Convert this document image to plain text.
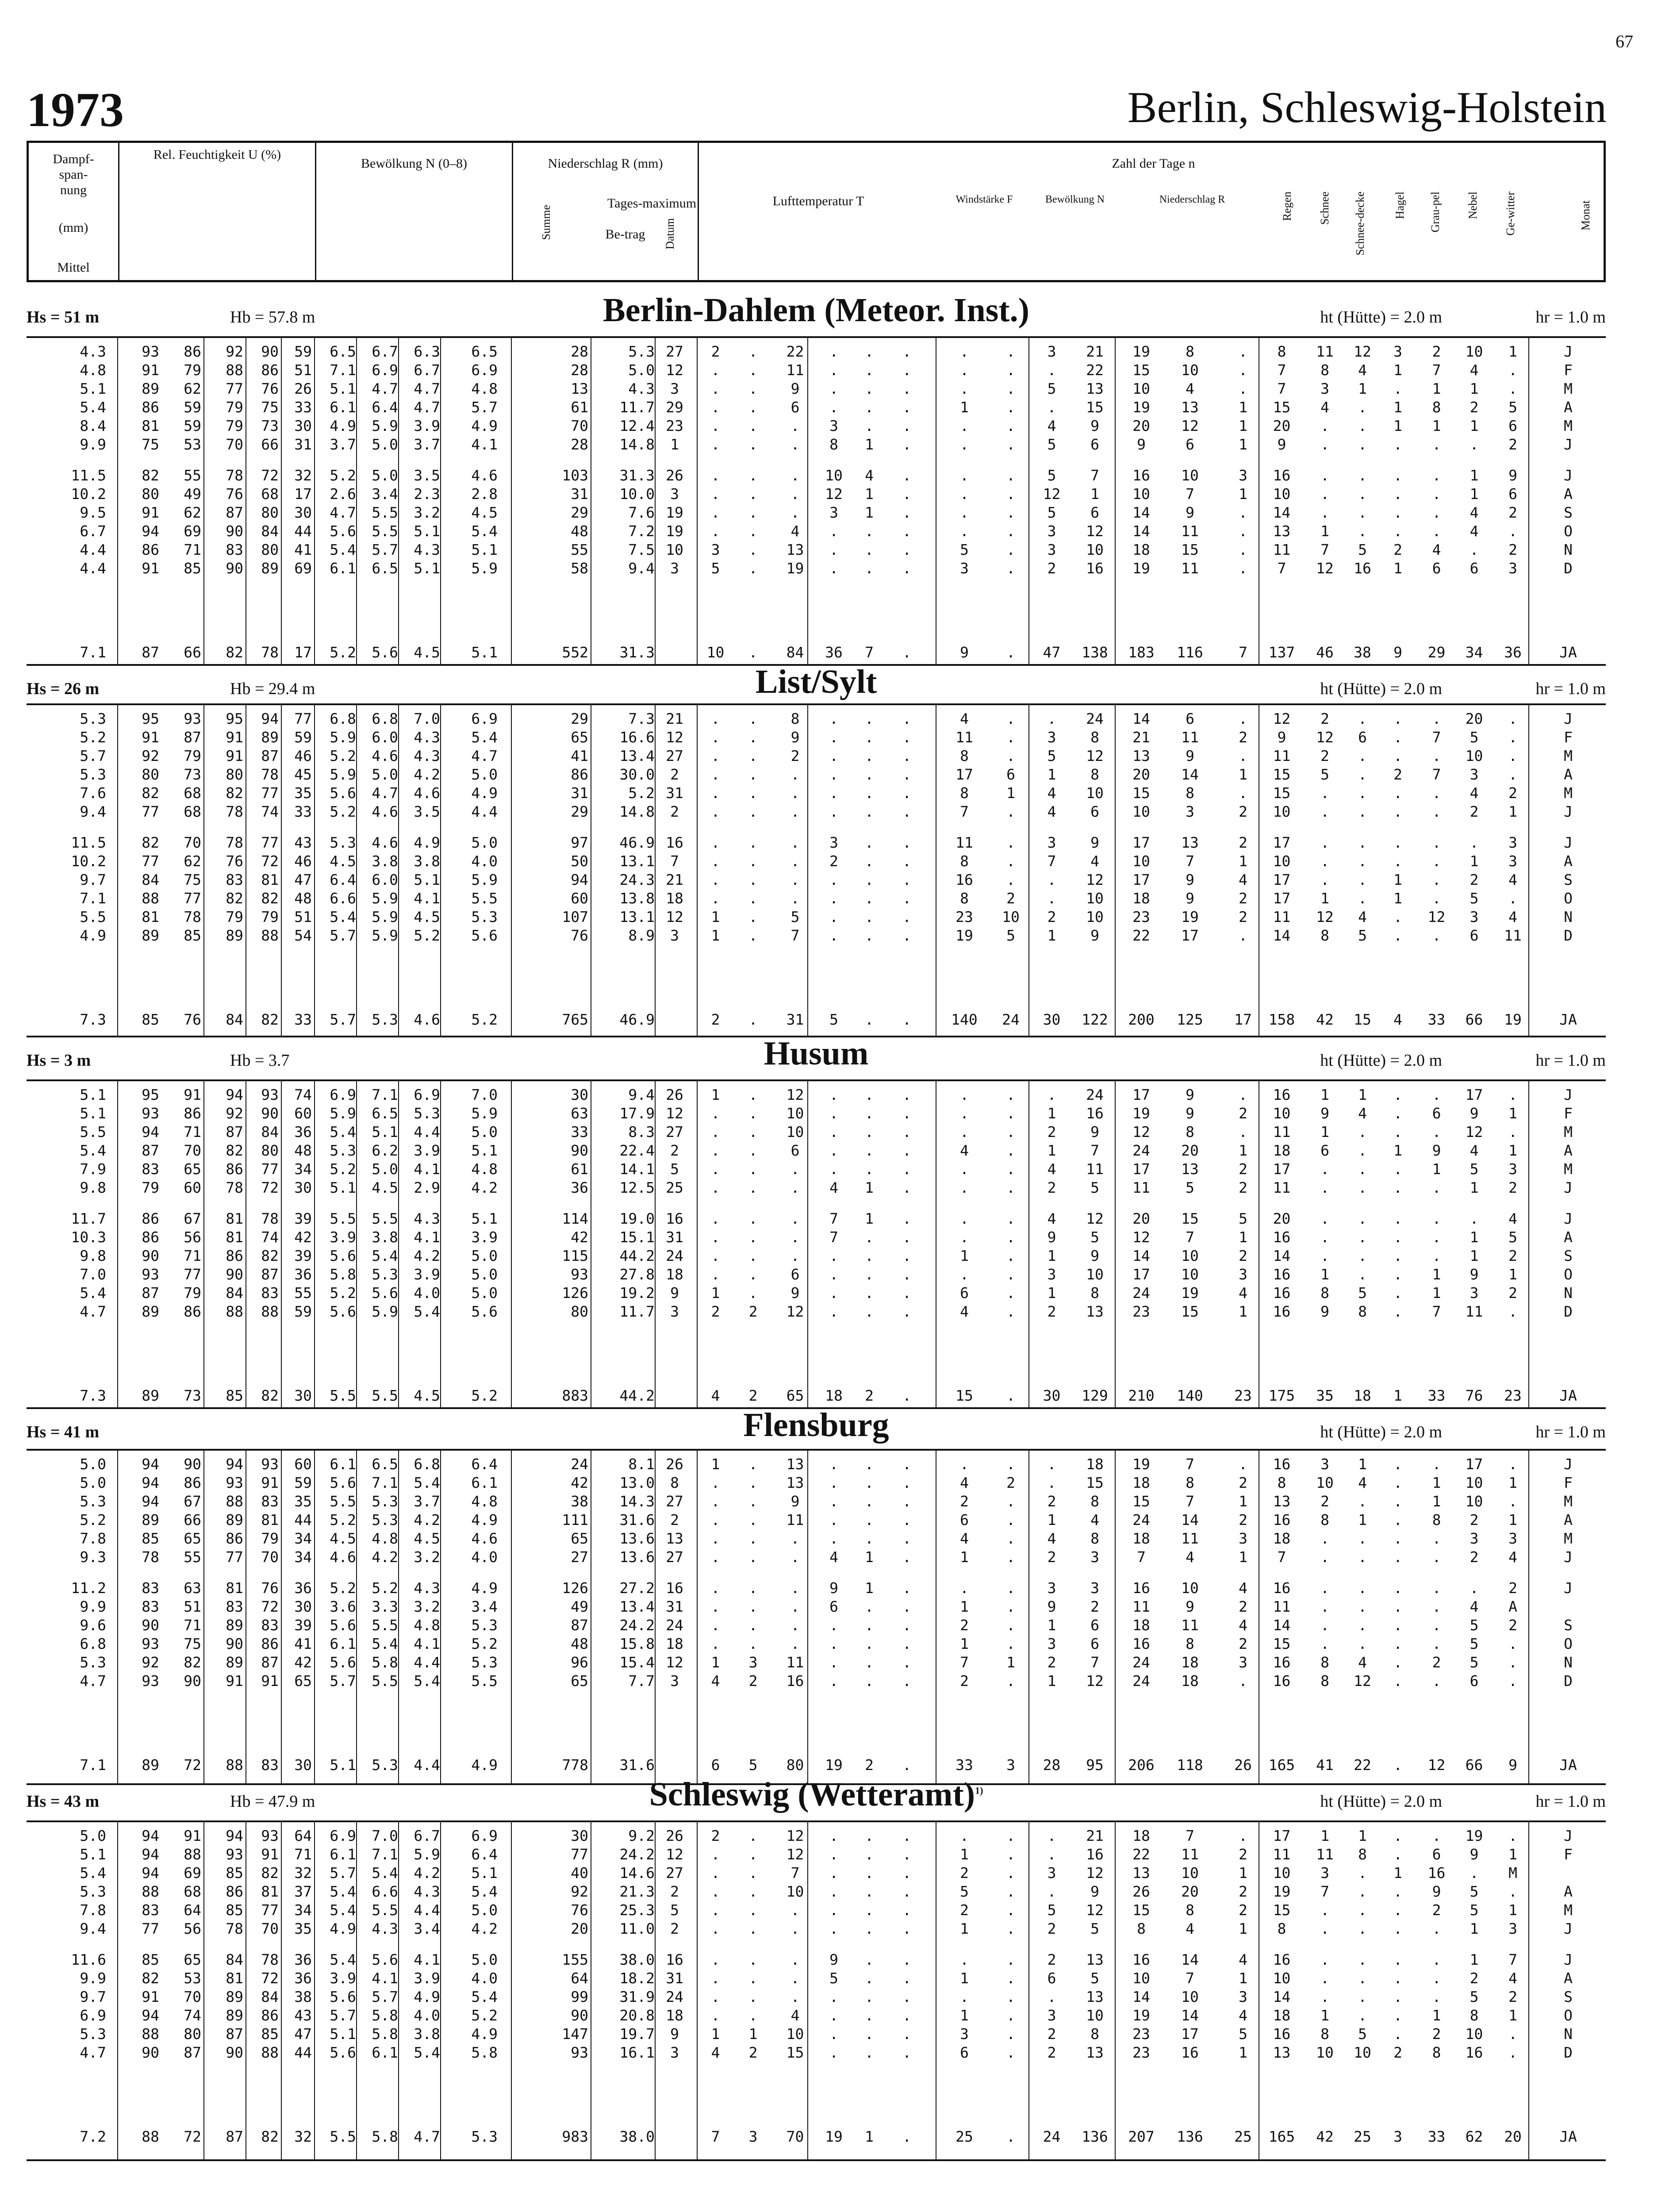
67
1973	Berlin, Schleswig-Holstein
Dampf-
span-
nung
(mm)
Mittel
Rel. Feuchtigkeit U (%)
Bewölkung N (0–8)	Niederschlag R (mm)
Tages-maximum
Be-trag
Summe	Datum
Zahl der Tage n
Lufttemperatur T	Windstärke F	Bewölkung N	Niederschlag R	Regen Schnee Schnee-decke Hagel Grau-pel Nebel Ge-witter	Monat
Hs = 51 m	Hb = 57.8 m	Berlin-Dahlem (Meteor. Inst.)	ht (Hütte) = 2.0 m	hr = 1.0 m
4.3	93	86	92	90	59	6.5	6.7	6.3	6.5	28	5.3 27	2	.	22	.	.	.	.	.	3	21	19	8	.	8	11	12	3	2	10	1	J
4.8	91	79	88	86	51	7.1	6.9	6.7	6.9	28	5.0 12	.	.	11	.	.	.	.	.	.	22	15	10	.	7	8	4	1	7	4	.	F
5.1	89	62	77	76	26	5.1	4.7	4.7	4.8	13	4.3	3	.	.	9	.	.	.	.	.	5	13	10	4	.	7	3	1	.	1	1	.	M
5.4	86	59	79	75	33	6.1	6.4	4.7	5.7	61	11.7 29	.	.	6	.	.	.	1	.	.	15	19	13	1	15	4	.	1	8	2	5	A
8.4	81	59	79	73	30	4.9	5.9	3.9	4.9	70	12.4 23	.	.	.	3	.	.	.	.	4	9	20	12	1	20	.	.	1	1	1	6	M
9.9	75	53	70	66	31	3.7	5.0	3.7	4.1	28	14.8	1	.	.	.	8	1	.	.	.	5	6	9	6	1	9	.	.	.	.	.	2	J
11.5	82	55	78	72	32	5.2	5.0	3.5	4.6	103	31.3 26	.	.	.	10	4	.	.	.	5	7	16	10	3	16	.	.	.	.	1	9	J
10.2	80	49	76	68	17	2.6	3.4	2.3	2.8	31	10.0	3	.	.	.	12	1	.	.	.	12	1	10	7	1	10	.	.	.	.	1	6	A
9.5	91	62	87	80	30	4.7	5.5	3.2	4.5	29	7.6 19	.	.	.	3	1	.	.	.	5	6	14	9	.	14	.	.	.	.	4	2	S
6.7	94	69	90	84	44	5.6	5.5	5.1	5.4	48	7.2 19	.	.	4	.	.	.	.	.	3	12	14	11	.	13	1	.	.	.	4	.	O
4.4	86	71	83	80	41	5.4	5.7	4.3	5.1	55	7.5 10	3	.	13	.	.	.	5	.	3	10	18	15	.	11	7	5	2	4	.	2	N
4.4	91	85	90	89	69	6.1	6.5	5.1	5.9	58	9.4	3	5	.	19	.	.	.	3	.	2	16	19	11	.	7	12	16	1	6	6	3	D
7.1	87	66	82	78	17	5.2	5.6	4.5	5.1	552	31.3	10	.	84	36	7	.	9	.	47	138	183	116	7	137	46	38	9	29	34	36	JA
Hs = 26 m	Hb = 29.4 m	List/Sylt	ht (Hütte) = 2.0 m	hr = 1.0 m
5.3	95	93	95	94	77	6.8	6.8	7.0	6.9	29	7.3 21	.	.	8	.	.	.	4	.	.	24	14	6	.	12	2	.	.	.	20	.	J
5.2	91	87	91	89	59	5.9	6.0	4.3	5.4	65	16.6 12	.	.	9	.	.	.	11	.	3	8	21	11	2	9	12	6	.	7	5	.	F
5.7	92	79	91	87	46	5.2	4.6	4.3	4.7	41	13.4 27	.	.	2	.	.	.	8	.	5	12	13	9	.	11	2	.	.	.	10	.	M
5.3	80	73	80	78	45	5.9	5.0	4.2	5.0	86	30.0	2	.	.	.	.	.	.	17	6	1	8	20	14	1	15	5	.	2	7	3	.	A
7.6	82	68	82	77	35	5.6	4.7	4.6	4.9	31	5.2 31	.	.	.	.	.	.	8	1	4	10	15	8	.	15	.	.	.	.	4	2	M
9.4	77	68	78	74	33	5.2	4.6	3.5	4.4	29	14.8	2	.	.	.	.	.	.	7	.	4	6	10	3	2	10	.	.	.	.	2	1	J
11.5	82	70	78	77	43	5.3	4.6	4.9	5.0	97	46.9 16	.	.	.	3	.	.	11	.	3	9	17	13	2	17	.	.	.	.	.	3	J
10.2	77	62	76	72	46	4.5	3.8	3.8	4.0	50	13.1	7	.	.	.	2	.	.	8	.	7	4	10	7	1	10	.	.	.	.	1	3	A
9.7	84	75	83	81	47	6.4	6.0	5.1	5.9	94	24.3 21	.	.	.	.	.	.	16	.	.	12	17	9	4	17	.	.	1	.	2	4	S
7.1	88	77	82	82	48	6.6	5.9	4.1	5.5	60	13.8 18	.	.	.	.	.	.	8	2	.	10	18	9	2	17	1	.	1	.	5	.	O
5.5	81	78	79	79	51	5.4	5.9	4.5	5.3	107	13.1 12	1	.	5	.	.	.	23	10	2	10	23	19	2	11	12	4	.	12	3	4	N
4.9	89	85	89	88	54	5.7	5.9	5.2	5.6	76	8.9	3	1	.	7	.	.	.	19	5	1	9	22	17	.	14	8	5	.	.	6	11	D
7.3	85	76	84	82	33	5.7	5.3	4.6	5.2	765	46.9	2	.	31	5	.	.	140	24	30	122	200	125	17	158	42	15	4	33	66	19	JA
Hs = 3 m	Hb = 3.7	Husum	ht (Hütte) = 2.0 m	hr = 1.0 m
5.1	95	91	94	93	74	6.9	7.1	6.9	7.0	30	9.4 26	1	.	12	.	.	.	.	.	.	24	17	9	.	16	1	1	.	.	17	.	J
5.1	93	86	92	90	60	5.9	6.5	5.3	5.9	63	17.9 12	.	.	10	.	.	.	.	.	1	16	19	9	2	10	9	4	.	6	9	1	F
5.5	94	71	87	84	36	5.4	5.1	4.4	5.0	33	8.3 27	.	.	10	.	.	.	.	.	2	9	12	8	.	11	1	.	.	.	12	.	M
5.4	87	70	82	80	48	5.3	6.2	3.9	5.1	90	22.4	2	.	.	6	.	.	.	4	.	1	7	24	20	1	18	6	.	1	9	4	1	A
7.9	83	65	86	77	34	5.2	5.0	4.1	4.8	61	14.1	5	.	.	.	.	.	.	.	.	4	11	17	13	2	17	.	.	.	1	5	3	M
9.8	79	60	78	72	30	5.1	4.5	2.9	4.2	36	12.5 25	.	.	.	4	1	.	.	.	2	5	11	5	2	11	.	.	.	.	1	2	J
11.7	86	67	81	78	39	5.5	5.5	4.3	5.1	114	19.0 16	.	.	.	7	1	.	.	.	4	12	20	15	5	20	.	.	.	.	.	4	J
10.3	86	56	81	74	42	3.9	3.8	4.1	3.9	42	15.1 31	.	.	.	7	.	.	.	.	9	5	12	7	1	16	.	.	.	.	1	5	A
9.8	90	71	86	82	39	5.6	5.4	4.2	5.0	115	44.2 24	.	.	.	.	.	.	1	.	1	9	14	10	2	14	.	.	.	.	1	2	S
7.0	93	77	90	87	36	5.8	5.3	3.9	5.0	93	27.8 18	.	.	6	.	.	.	.	.	3	10	17	10	3	16	1	.	.	1	9	1	O
5.4	87	79	84	83	55	5.2	5.6	4.0	5.0	126	19.2	9	1	.	9	.	.	.	6	.	1	8	24	19	4	16	8	5	.	1	3	2	N
4.7	89	86	88	88	59	5.6	5.9	5.4	5.6	80	11.7	3	2	2	12	.	.	.	4	.	2	13	23	15	1	16	9	8	.	7	11	.	D
7.3	89	73	85	82	30	5.5	5.5	4.5	5.2	883	44.2	4	2	65	18	2	.	15	.	30	129	210	140	23	175	35	18	1	33	76	23	JA
Hs = 41 m	Flensburg	ht (Hütte) = 2.0 m	hr = 1.0 m
5.0	94	90	94	93	60	6.1	6.5	6.8	6.4	24	8.1 26	1	.	13	.	.	.	.	.	.	18	19	7	.	16	3	1	.	.	17	.	J
5.0	94	86	93	91	59	5.6	7.1	5.4	6.1	42	13.0	8	.	.	13	.	.	.	4	2	.	15	18	8	2	8	10	4	.	1	10	1	F
5.3	94	67	88	83	35	5.5	5.3	3.7	4.8	38	14.3 27	.	.	9	.	.	.	2	.	2	8	15	7	1	13	2	.	.	1	10	.	M
5.2	89	66	89	81	44	5.2	5.3	4.2	4.9	111	31.6	2	.	.	11	.	.	.	6	.	1	4	24	14	2	16	8	1	.	8	2	1	A
7.8	85	65	86	79	34	4.5	4.8	4.5	4.6	65	13.6 13	.	.	.	.	.	.	4	.	4	8	18	11	3	18	.	.	.	.	3	3	M
9.3	78	55	77	70	34	4.6	4.2	3.2	4.0	27	13.6 27	.	.	.	4	1	.	1	.	2	3	7	4	1	7	.	.	.	.	2	4	J
11.2	83	63	81	76	36	5.2	5.2	4.3	4.9	126	27.2 16	.	.	.	9	1	.	.	.	3	3	16	10	4	16	.	.	.	.	.	2	J
9.9	83	51	83	72	30	3.6	3.3	3.2	3.4	49	13.4 31	.	.	.	6	.	.	1	.	9	2	11	9	2	11	.	.	.	.	4	A
9.6	90	71	89	83	39	5.6	5.5	4.8	5.3	87	24.2 24	.	.	.	.	.	.	2	.	1	6	18	11	4	14	.	.	.	.	5	2	S
6.8	93	75	90	86	41	6.1	5.4	4.1	5.2	48	15.8 18	.	.	.	.	.	.	1	.	3	6	16	8	2	15	.	.	.	.	5	.	O
5.3	92	82	89	87	42	5.6	5.8	4.4	5.3	96	15.4 12	1	3	11	.	.	.	7	1	2	7	24	18	3	16	8	4	.	2	5	.	N
4.7	93	90	91	91	65	5.7	5.5	5.4	5.5	65	7.7	3	4	2	16	.	.	.	2	.	1	12	24	18	.	16	8	12	.	.	6	.	D
7.1	89	72	88	83	30	5.1	5.3	4.4	4.9	778	31.6	6	5	80	19	2	.	33	3	28	95	206	118	26	165	41	22	.	12	66	9	JA
Hs = 43 m	Hb = 47.9 m	Schleswig (Wetteramt)$^{1)}$
ht (Hütte) = 2.0 m	hr = 1.0 m
5.0	94	91	94	93	64	6.9	7.0	6.7	6.9	30	9.2 26	2	.	12	.	.	.	.	.	.	21	18	7	.	17	1	1	.	.	19	.	J
5.1	94	88	93	91	71	6.1	7.1	5.9	6.4	77	24.2 12	.	.	12	.	.	.	1	.	.	16	22	11	2	11	11	8	.	6	9	1	F
5.4	94	69	85	82	32	5.7	5.4	4.2	5.1	40	14.6 27	.	.	7	.	.	.	2	.	3	12	13	10	1	10	3	.	1	16	.	M
5.3	88	68	86	81	37	5.4	6.6	4.3	5.4	92	21.3	2	.	.	10	.	.	.	5	.	.	9	26	20	2	19	7	.	.	9	5	.	A
7.8	83	64	85	77	34	5.4	5.5	4.4	5.0	76	25.3	5	.	.	.	.	.	.	2	.	5	12	15	8	2	15	.	.	.	2	5	1	M
9.4	77	56	78	70	35	4.9	4.3	3.4	4.2	20	11.0	2	.	.	.	.	.	.	1	.	2	5	8	4	1	8	.	.	.	.	1	3	J
11.6	85	65	84	78	36	5.4	5.6	4.1	5.0	155	38.0 16	.	.	.	9	.	.	.	.	2	13	16	14	4	16	.	.	.	.	1	7	J
9.9	82	53	81	72	36	3.9	4.1	3.9	4.0	64	18.2 31	.	.	.	5	.	.	1	.	6	5	10	7	1	10	.	.	.	.	2	4	A
9.7	91	70	89	84	38	5.6	5.7	4.9	5.4	99	31.9 24	.	.	.	.	.	.	.	.	.	13	14	10	3	14	.	.	.	.	5	2	S
6.9	94	74	89	86	43	5.7	5.8	4.0	5.2	90	20.8 18	.	.	4	.	.	.	1	.	3	10	19	14	4	18	1	.	.	1	8	1	O
5.3	88	80	87	85	47	5.1	5.8	3.8	4.9	147	19.7	9	1	1	10	.	.	.	3	.	2	8	23	17	5	16	8	5	.	2	10	.	N
4.7	90	87	90	88	44	5.6	6.1	5.4	5.8	93	16.1	3	4	2	15	.	.	.	6	.	2	13	23	16	1	13	10	10	2	8	16	.	D
7.2	88	72	87	82	32	5.5	5.8	4.7	5.3	983	38.0	7	3	70	19	1	.	25	.	24	136	207	136	25	165	42	25	3	33	62	20	JA
